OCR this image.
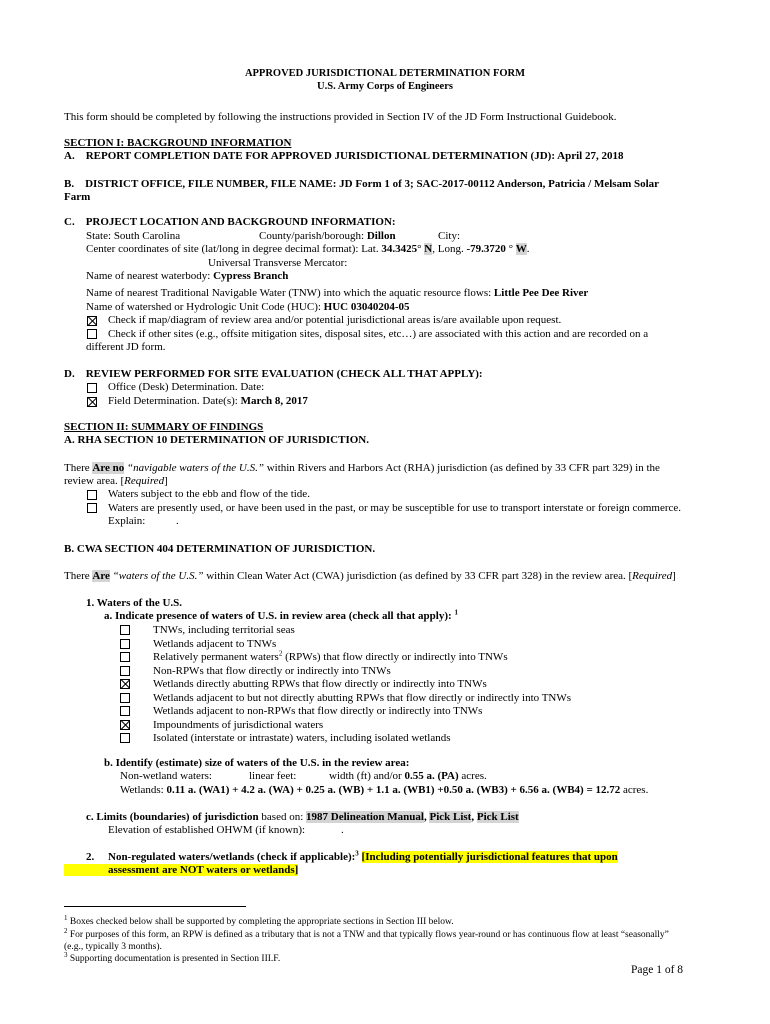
APPROVED JURISDICTIONAL DETERMINATION FORM
U.S. Army Corps of Engineers
This form should be completed by following the instructions provided in Section IV of the JD Form Instructional Guidebook.
SECTION I: BACKGROUND INFORMATION
A. REPORT COMPLETION DATE FOR APPROVED JURISDICTIONAL DETERMINATION (JD): April 27, 2018
B. DISTRICT OFFICE, FILE NUMBER, FILE NAME: JD Form 1 of 3; SAC-2017-00112 Anderson, Patricia / Melsam Solar
Farm
C. PROJECT LOCATION AND BACKGROUND INFORMATION:
State: South Carolina	County/parish/borough: Dillon	City:
Center coordinates of site (lat/long in degree decimal format): Lat. 34.3425° N, Long. -79.3720 ° W.
Universal Transverse Mercator:
Name of nearest waterbody: Cypress Branch
Name of nearest Traditional Navigable Water (TNW) into which the aquatic resource flows: Little Pee Dee River
Name of watershed or Hydrologic Unit Code (HUC): HUC 03040204-05
Check if map/diagram of review area and/or potential jurisdictional areas is/are available upon request.
Check if other sites (e.g., offsite mitigation sites, disposal sites, etc…) are associated with this action and are recorded on a
different JD form.
D. REVIEW PERFORMED FOR SITE EVALUATION (CHECK ALL THAT APPLY):
Office (Desk) Determination. Date:
Field Determination. Date(s): March 8, 2017
SECTION II: SUMMARY OF FINDINGS
A. RHA SECTION 10 DETERMINATION OF JURISDICTION.
There Are no “navigable waters of the U.S.” within Rivers and Harbors Act (RHA) jurisdiction (as defined by 33 CFR part 329) in the
review area. [Required]
Waters subject to the ebb and flow of the tide.
Waters are presently used, or have been used in the past, or may be susceptible for use to transport interstate or foreign commerce.
Explain:	.
B. CWA SECTION 404 DETERMINATION OF JURISDICTION.
There Are “waters of the U.S.” within Clean Water Act (CWA) jurisdiction (as defined by 33 CFR part 328) in the review area. [Required]
1. Waters of the U.S.
a. Indicate presence of waters of U.S. in review area (check all that apply): $^1$
TNWs, including territorial seas
Wetlands adjacent to TNWs
Relatively permanent waters$^2$ (RPWs) that flow directly or indirectly into TNWs
Non-RPWs that flow directly or indirectly into TNWs
Wetlands directly abutting RPWs that flow directly or indirectly into TNWs
Wetlands adjacent to but not directly abutting RPWs that flow directly or indirectly into TNWs
Wetlands adjacent to non-RPWs that flow directly or indirectly into TNWs
Impoundments of jurisdictional waters
Isolated (interstate or intrastate) waters, including isolated wetlands
b. Identify (estimate) size of waters of the U.S. in the review area:
Non-wetland waters:	linear feet:	width (ft) and/or 0.55 a. (PA) acres.
Wetlands: 0.11 a. (WA1) + 4.2 a. (WA) + 0.25 a. (WB) + 1.1 a. (WB1) +0.50 a. (WB3) + 6.56 a. (WB4) = 12.72 acres.
c. Limits (boundaries) of jurisdiction based on: 1987 Delineation Manual, Pick List, Pick List
Elevation of established OHWM (if known):	.
2. Non-regulated waters/wetlands (check if applicable):$^3$ [Including potentially jurisdictional features that upon
assessment are NOT waters or wetlands]
$^1$ Boxes checked below shall be supported by completing the appropriate sections in Section III below.
$^2$ For purposes of this form, an RPW is defined as a tributary that is not a TNW and that typically flows year-round or has continuous flow at least “seasonally”
(e.g., typically 3 months).
$^3$ Supporting documentation is presented in Section III.F.
Page 1 of 8
